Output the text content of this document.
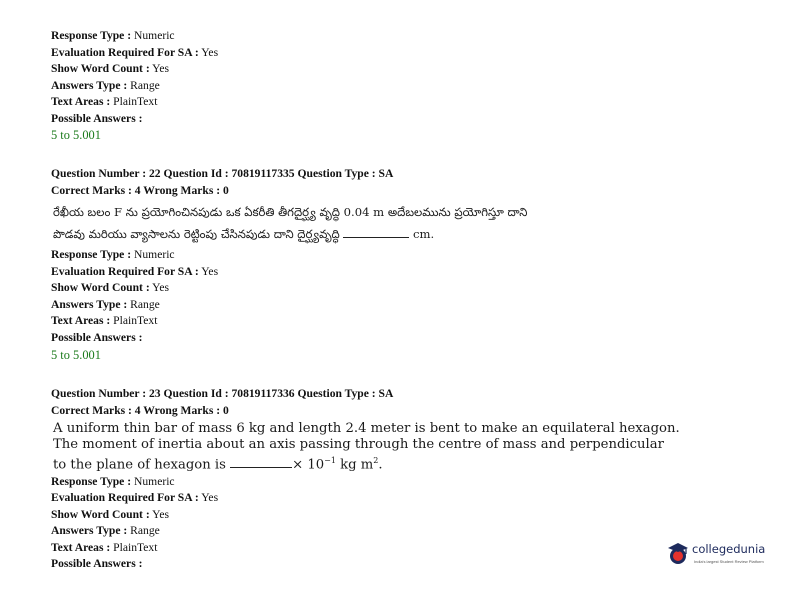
Response Type : Numeric
Evaluation Required For SA : Yes
Show Word Count : Yes
Answers Type : Range
Text Areas : PlainText
Possible Answers :
5 to 5.001
Question Number : 22 Question Id : 70819117335 Question Type : SA
Correct Marks : 4 Wrong Marks : 0
రేఖీయ బలం F ను ప్రయోగించినపుడు ఒక ఏకరీతి తీగదైర్ఘ్య వృద్ధి 0.04 m అదేబలమును ప్రయోగిస్తూ దాని
పొడవు మరియు వ్యాసాలను రెట్టింపు చేసినపుడు దాని దైర్ఘ్యవృద్ధి	cm.
Response Type : Numeric
Evaluation Required For SA : Yes
Show Word Count : Yes
Answers Type : Range
Text Areas : PlainText
Possible Answers :
5 to 5.001
Question Number : 23 Question Id : 70819117336 Question Type : SA
Correct Marks : 4 Wrong Marks : 0
A uniform thin bar of mass 6 kg and length 2.4 meter is bent to make an equilateral hexagon.
The moment of inertia about an axis passing through the centre of mass and perpendicular
to the plane of hexagon is	× $10^{-1}$ kg $m^2$.
Response Type : Numeric
Evaluation Required For SA : Yes
Show Word Count : Yes
Answers Type : Range
Text Areas : PlainText
Possible Answers :
collegedunia
India's largest Student Review Platform
